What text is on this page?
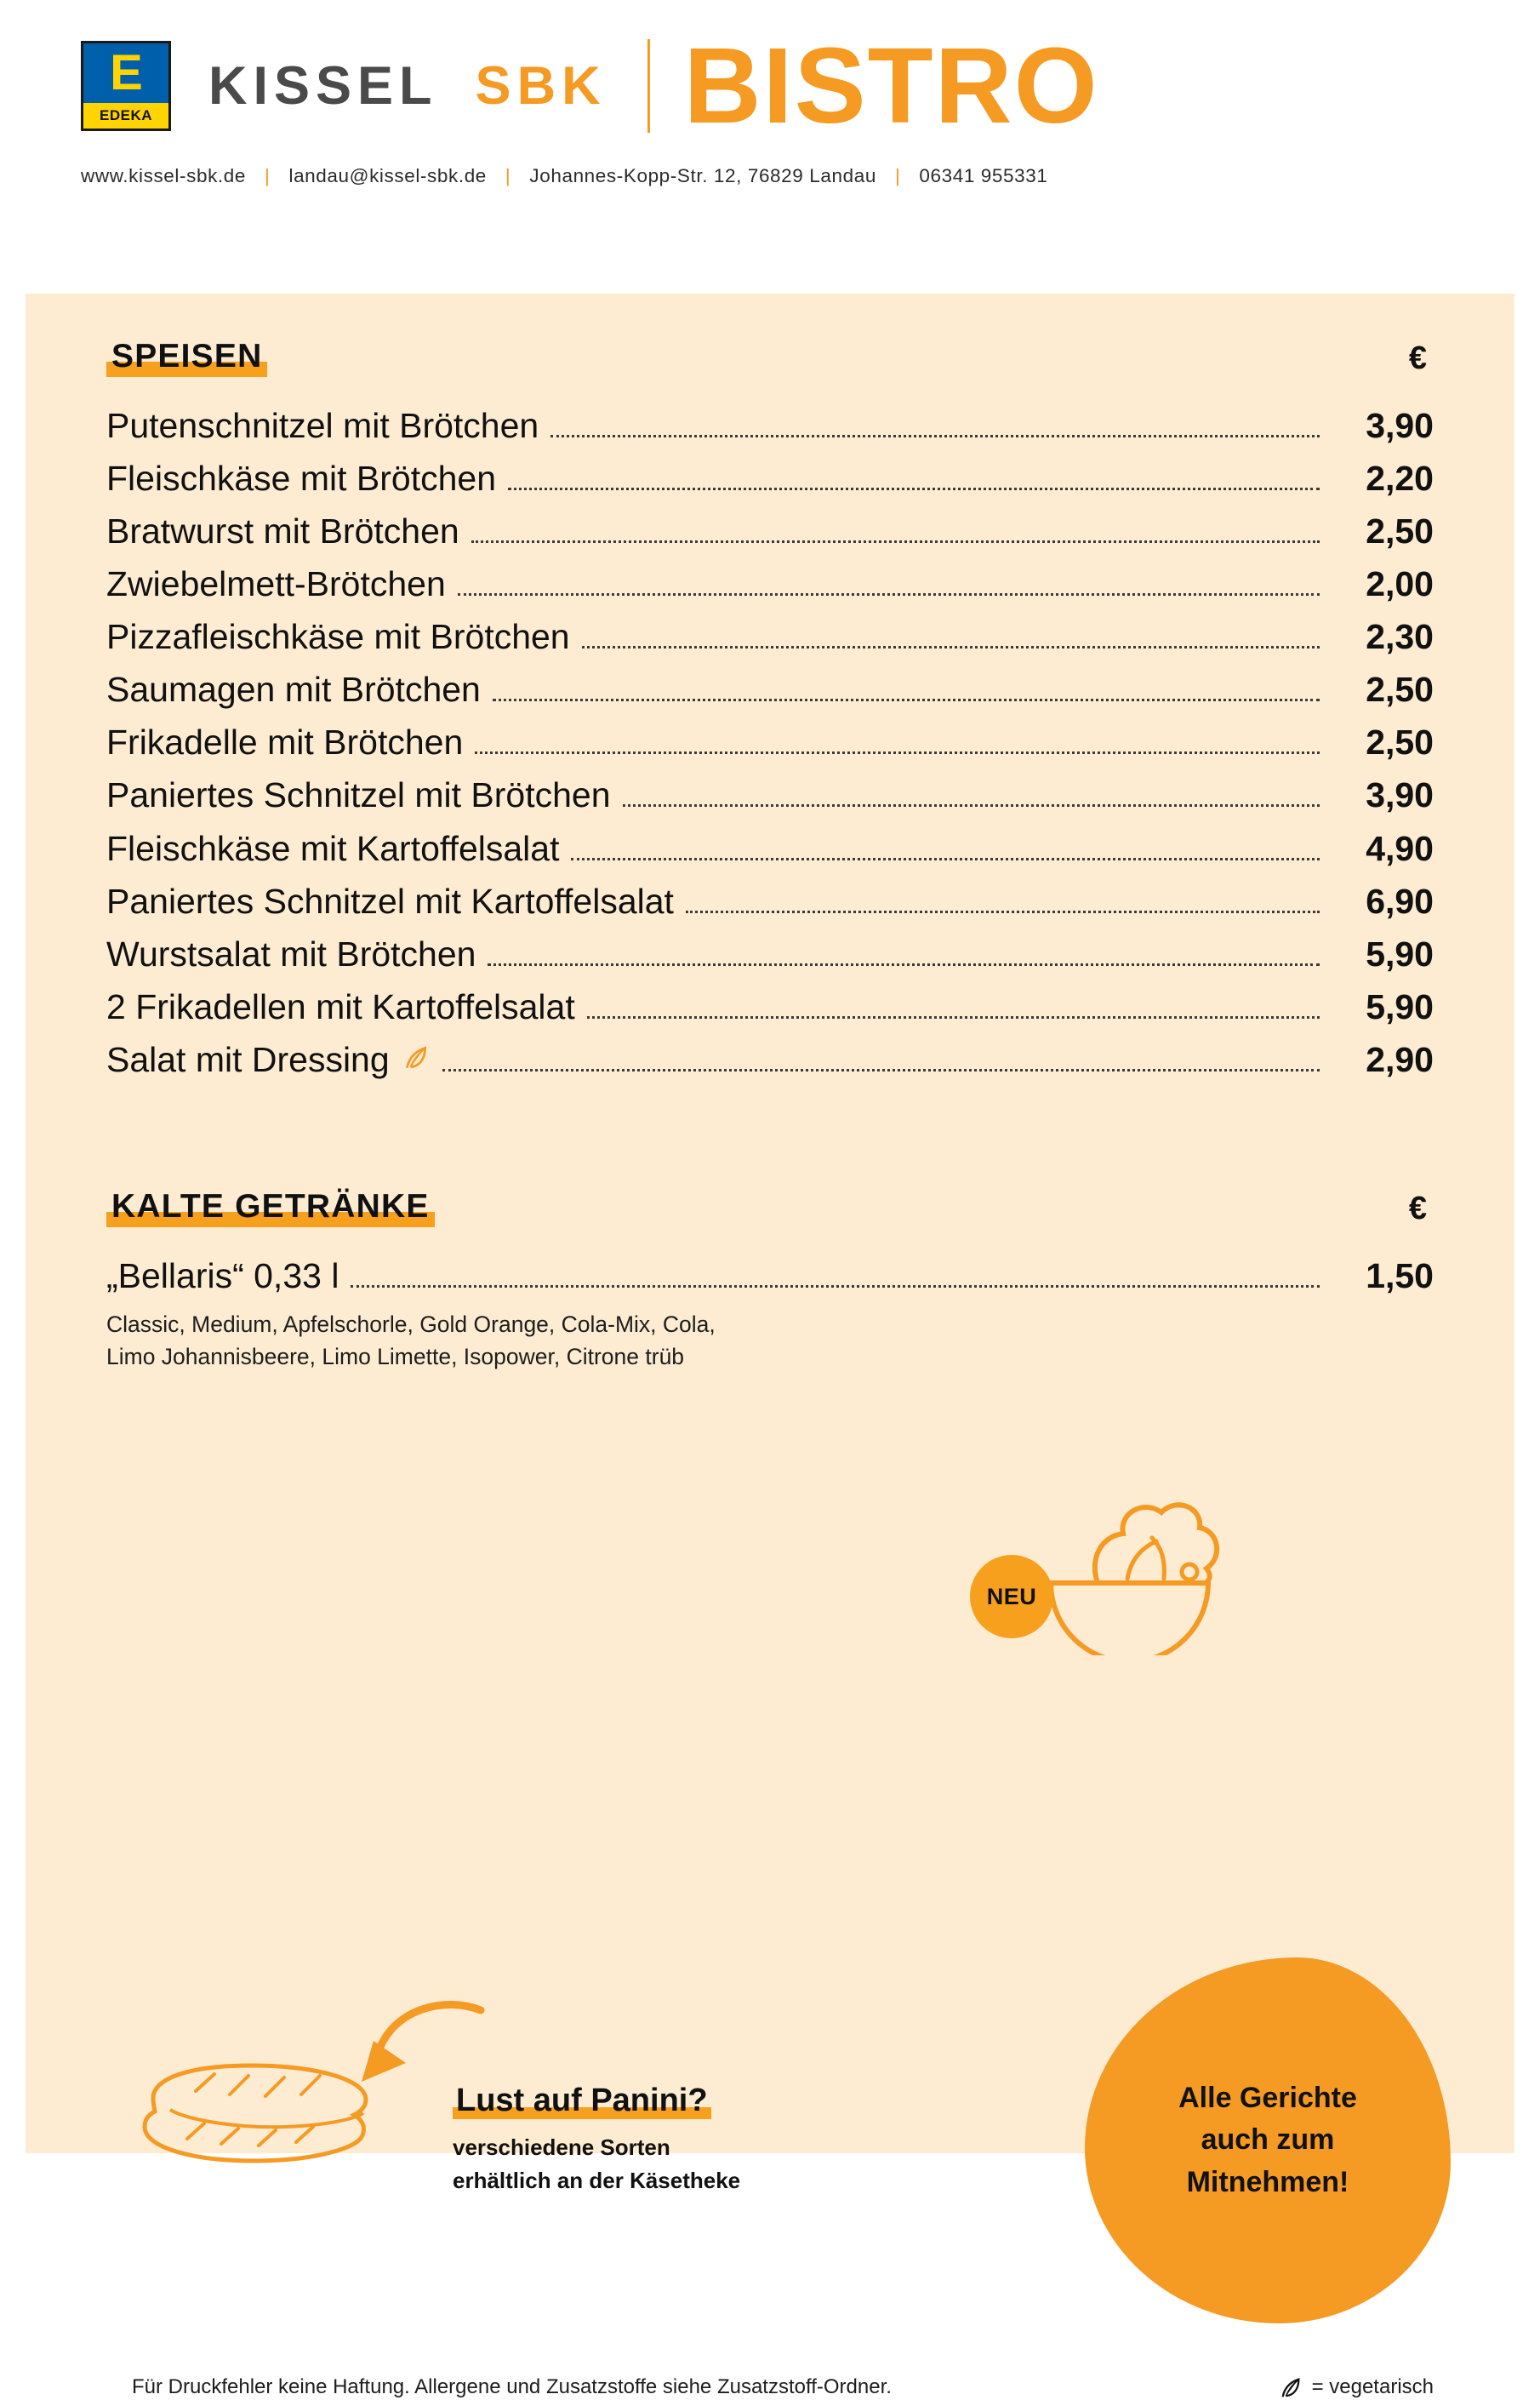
E
EDEKA KISSEL SBK BISTRO
www.kissel-sbk.de | landau@kissel-sbk.de | Johannes-Kopp-Str. 12, 76829 Landau | 06341 955331
SPEISEN	€
Putenschnitzel mit Brötchen	3,90
Fleischkäse mit Brötchen	2,20
Bratwurst mit Brötchen	2,50
Zwiebelmett-Brötchen	2,00
Pizzafleischkäse mit Brötchen	2,30
Saumagen mit Brötchen	2,50
Frikadelle mit Brötchen	2,50
Paniertes Schnitzel mit Brötchen	3,90
Fleischkäse mit Kartoffelsalat	4,90
Paniertes Schnitzel mit Kartoffelsalat	6,90
Wurstsalat mit Brötchen	5,90
2 Frikadellen mit Kartoffelsalat	5,90
Salat mit Dressing	2,90
KALTE GETRÄNKE	€
„Bellaris“ 0,33 l	1,50
Classic, Medium, Apfelschorle, Gold Orange, Cola-Mix, Cola,
Limo Johannisbeere, Limo Limette, Isopower, Citrone trüb
NEU
Lust auf Panini?
verschiedene Sorten
erhältlich an der Käsetheke
Alle Gerichte
auch zum
Mitnehmen!
Für Druckfehler keine Haftung. Allergene und Zusatzstoffe siehe Zusatzstoff-Ordner.	= vegetarisch
